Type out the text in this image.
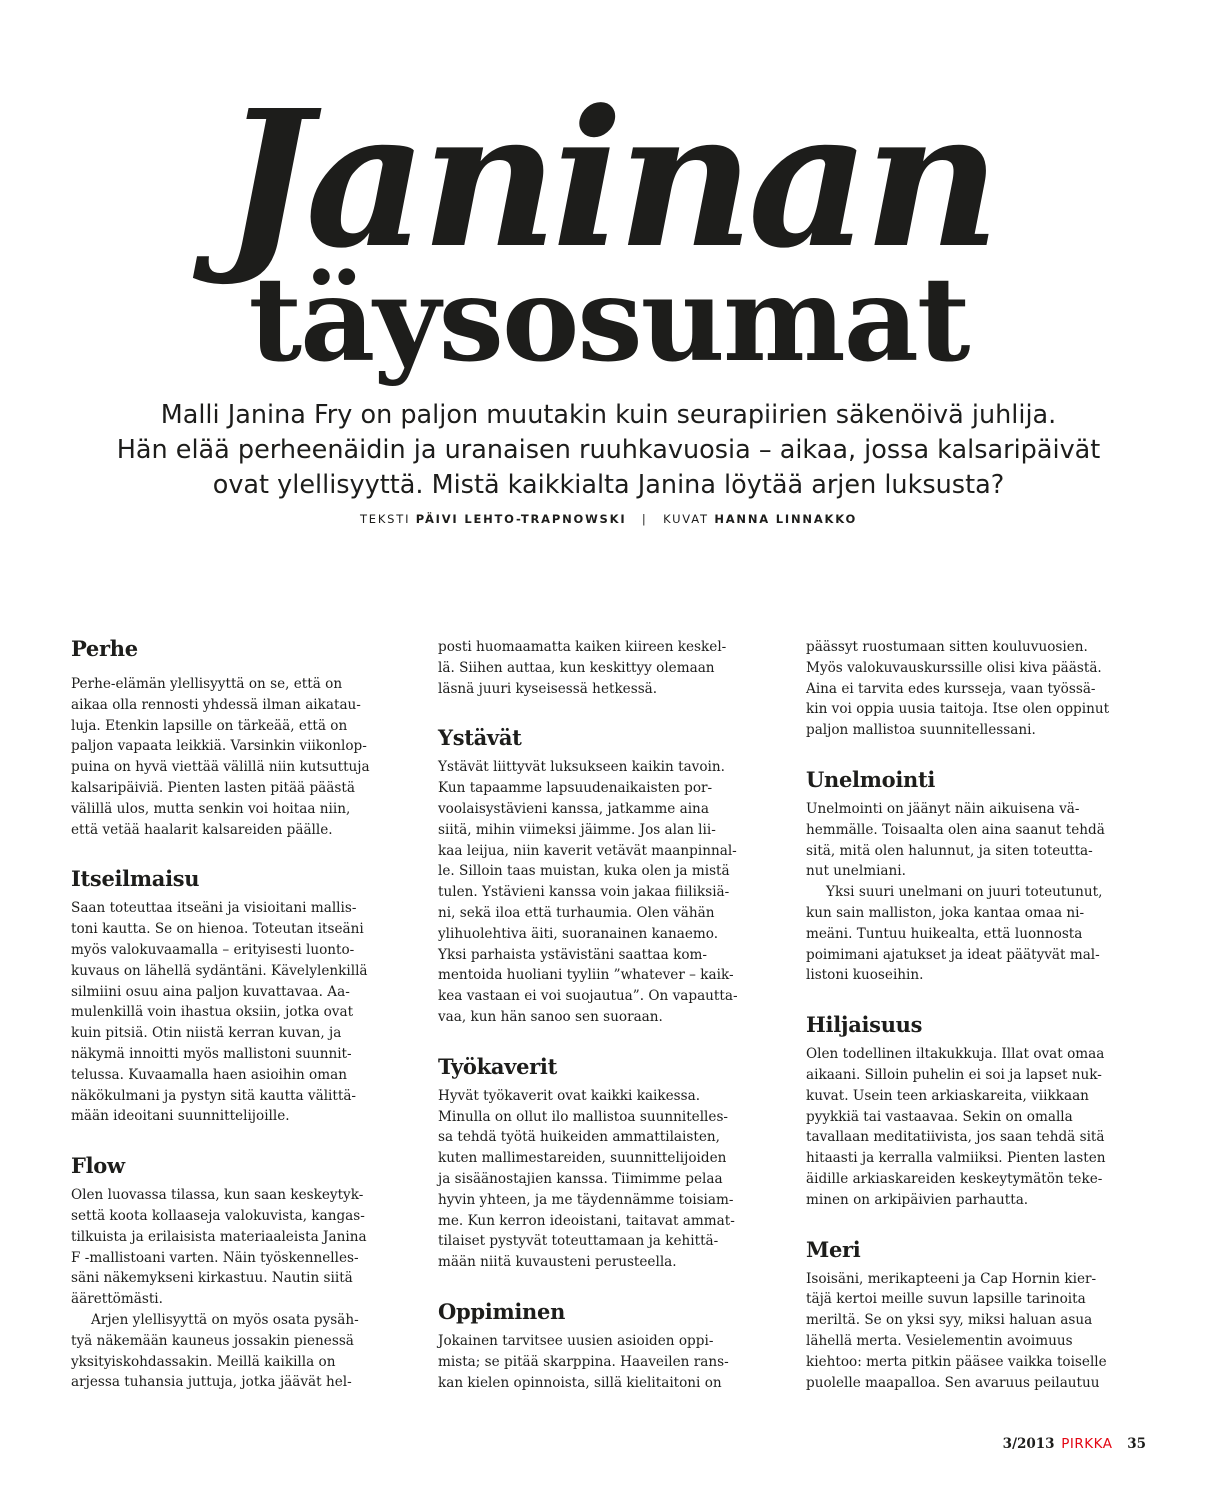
Janinan
täysosumat
Malli Janina Fry on paljon muutakin kuin seurapiirien säkenöivä juhlija.
Hän elää perheenäidin ja uranaisen ruuhkavuosia – aikaa, jossa kalsaripäivät
ovat ylellisyyttä. Mistä kaikkialta Janina löytää arjen luksusta?
TEKSTI PÄIVI LEHTO-TRAPNOWSKI | KUVAT HANNA LINNAKKO
Perhe

Perhe-elämän ylellisyyttä on se, että on
aikaa olla rennosti yhdessä ilman aikatau-
luja. Etenkin lapsille on tärkeää, että on
paljon vapaata leikkiä. Varsinkin viikonlop-
puina on hyvä viettää välillä niin kutsuttuja
kalsaripäiviä. Pienten lasten pitää päästä
välillä ulos, mutta senkin voi hoitaa niin,
että vetää haalarit kalsareiden päälle.

Itseilmaisu

Saan toteuttaa itseäni ja visioitani mallis-
toni kautta. Se on hienoa. Toteutan itseäni
myös valokuvaamalla – erityisesti luonto-
kuvaus on lähellä sydäntäni. Kävelylenkillä
silmiini osuu aina paljon kuvattavaa. Aa-
mulenkillä voin ihastua oksiin, jotka ovat
kuin pitsiä. Otin niistä kerran kuvan, ja
näkymä innoitti myös mallistoni suunnit-
telussa. Kuvaamalla haen asioihin oman
näkökulmani ja pystyn sitä kautta välittä-
mään ideoitani suunnittelijoille.

Flow

Olen luovassa tilassa, kun saan keskeytyk-
settä koota kollaaseja valokuvista, kangas-
tilkuista ja erilaisista materiaaleista Janina
F -mallistoani varten. Näin työskennelles-
säni näkemykseni kirkastuu. Nautin siitä
äärettömästi.

Arjen ylellisyyttä on myös osata pysäh-
tyä näkemään kauneus jossakin pienessä
yksityiskohdassakin. Meillä kaikilla on
arjessa tuhansia juttuja, jotka jäävät hel-

posti huomaamatta kaiken kiireen keskel-
lä. Siihen auttaa, kun keskittyy olemaan
läsnä juuri kyseisessä hetkessä.

Ystävät

Ystävät liittyvät luksukseen kaikin tavoin.
Kun tapaamme lapsuudenaikaisten por-
voolaisystävieni kanssa, jatkamme aina
siitä, mihin viimeksi jäimme. Jos alan lii-
kaa leijua, niin kaverit vetävät maanpinnal-
le. Silloin taas muistan, kuka olen ja mistä
tulen. Ystävieni kanssa voin jakaa fiiliksiä-
ni, sekä iloa että turhaumia. Olen vähän
ylihuolehtiva äiti, suoranainen kanaemo.
Yksi parhaista ystävistäni saattaa kom-
mentoida huoliani tyyliin ”whatever – kaik-
kea vastaan ei voi suojautua”. On vapautta-
vaa, kun hän sanoo sen suoraan.

Työkaverit

Hyvät työkaverit ovat kaikki kaikessa.
Minulla on ollut ilo mallistoa suunnitelles-
sa tehdä työtä huikeiden ammattilaisten,
kuten mallimestareiden, suunnittelijoiden
ja sisäänostajien kanssa. Tiimimme pelaa
hyvin yhteen, ja me täydennämme toisiam-
me. Kun kerron ideoistani, taitavat ammat-
tilaiset pystyvät toteuttamaan ja kehittä-
mään niitä kuvausteni perusteella.

Oppiminen

Jokainen tarvitsee uusien asioiden oppi-
mista; se pitää skarppina. Haaveilen rans-
kan kielen opinnoista, sillä kielitaitoni on

päässyt ruostumaan sitten kouluvuosien.
Myös valokuvauskurssille olisi kiva päästä.
Aina ei tarvita edes kursseja, vaan työssä-
kin voi oppia uusia taitoja. Itse olen oppinut
paljon mallistoa suunnitellessani.

Unelmointi

Unelmointi on jäänyt näin aikuisena vä-
hemmälle. Toisaalta olen aina saanut tehdä
sitä, mitä olen halunnut, ja siten toteutta-
nut unelmiani.

Yksi suuri unelmani on juuri toteutunut,
kun sain malliston, joka kantaa omaa ni-
meäni. Tuntuu huikealta, että luonnosta
poimimani ajatukset ja ideat päätyvät mal-
listoni kuoseihin.

Hiljaisuus

Olen todellinen iltakukkuja. Illat ovat omaa
aikaani. Silloin puhelin ei soi ja lapset nuk-
kuvat. Usein teen arkiaskareita, viikkaan
pyykkiä tai vastaavaa. Sekin on omalla
tavallaan meditatiivista, jos saan tehdä sitä
hitaasti ja kerralla valmiiksi. Pienten lasten
äidille arkiaskareiden keskeytymätön teke-
minen on arkipäivien parhautta.

Meri

Isoisäni, merikapteeni ja Cap Hornin kier-
täjä kertoi meille suvun lapsille tarinoita
meriltä. Se on yksi syy, miksi haluan asua
lähellä merta. Vesielementin avoimuus
kiehtoo: merta pitkin pääsee vaikka toiselle
puolelle maapalloa. Sen avaruus peilautuu

3/2013 PIRKKA 35
